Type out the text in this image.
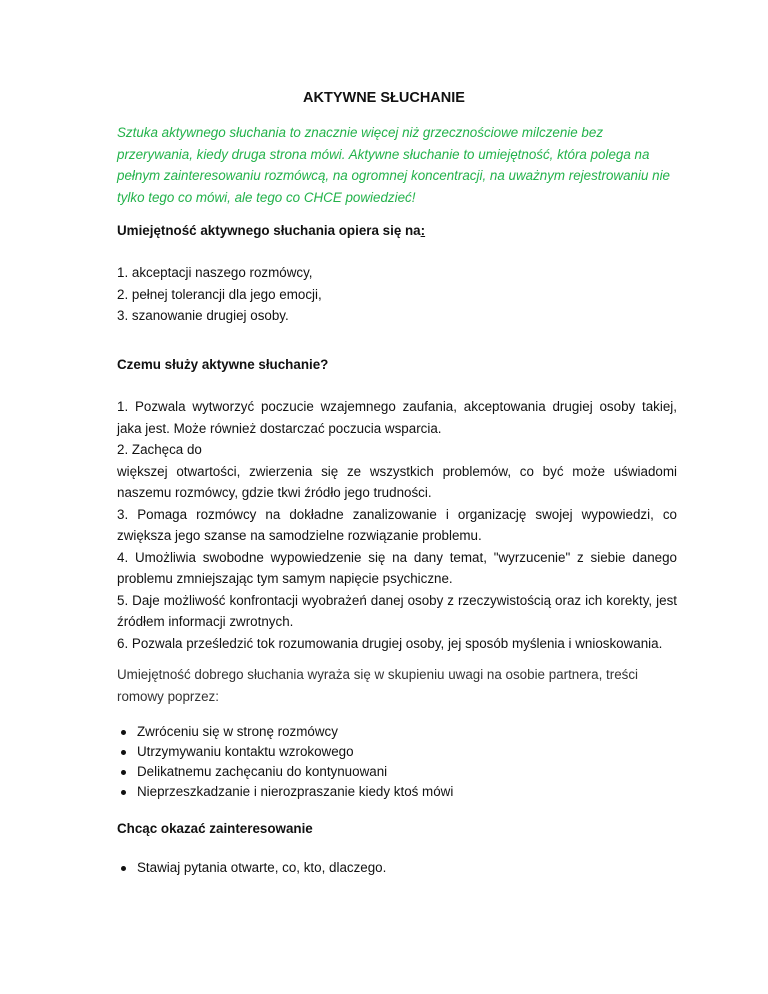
AKTYWNE SŁUCHANIE
Sztuka aktywnego słuchania to znacznie więcej niż grzecznościowe milczenie bez przerywania, kiedy druga strona mówi. Aktywne słuchanie to umiejętność, która polega na pełnym zainteresowaniu rozmówcą, na ogromnej koncentracji, na uważnym rejestrowaniu nie tylko tego co mówi, ale tego co CHCE powiedzieć!
Umiejętność aktywnego słuchania opiera się na:
1. akceptacji naszego rozmówcy,
2. pełnej tolerancji dla jego emocji,
3. szanowanie drugiej osoby.
Czemu służy aktywne słuchanie?
1. Pozwala wytworzyć poczucie wzajemnego zaufania, akceptowania drugiej osoby takiej, jaka jest. Może również dostarczać poczucia wsparcia.
2. Zachęca do
większej otwartości, zwierzenia się ze wszystkich problemów, co być może uświadomi naszemu rozmówcy, gdzie tkwi źródło jego trudności.
3. Pomaga rozmówcy na dokładne zanalizowanie i organizację swojej wypowiedzi, co zwiększa jego szanse na samodzielne rozwiązanie problemu.
4. Umożliwia swobodne wypowiedzenie się na dany temat, "wyrzucenie" z siebie danego problemu zmniejszając tym samym napięcie psychiczne.
5. Daje możliwość konfrontacji wyobrażeń danej osoby z rzeczywistością oraz ich korekty, jest źródłem informacji zwrotnych.
6. Pozwala prześledzić tok rozumowania drugiej osoby, jej sposób myślenia i wnioskowania.
Umiejętność dobrego słuchania wyraża się w skupieniu uwagi na osobie partnera, treści romowy poprzez:
Zwróceniu się w stronę rozmówcy
Utrzymywaniu kontaktu wzrokowego
Delikatnemu zachęcaniu do kontynuowani
Nieprzeszkadzanie i nierozpraszanie kiedy ktoś mówi
Chcąc okazać zainteresowanie
Stawiaj pytania otwarte, co, kto, dlaczego.
